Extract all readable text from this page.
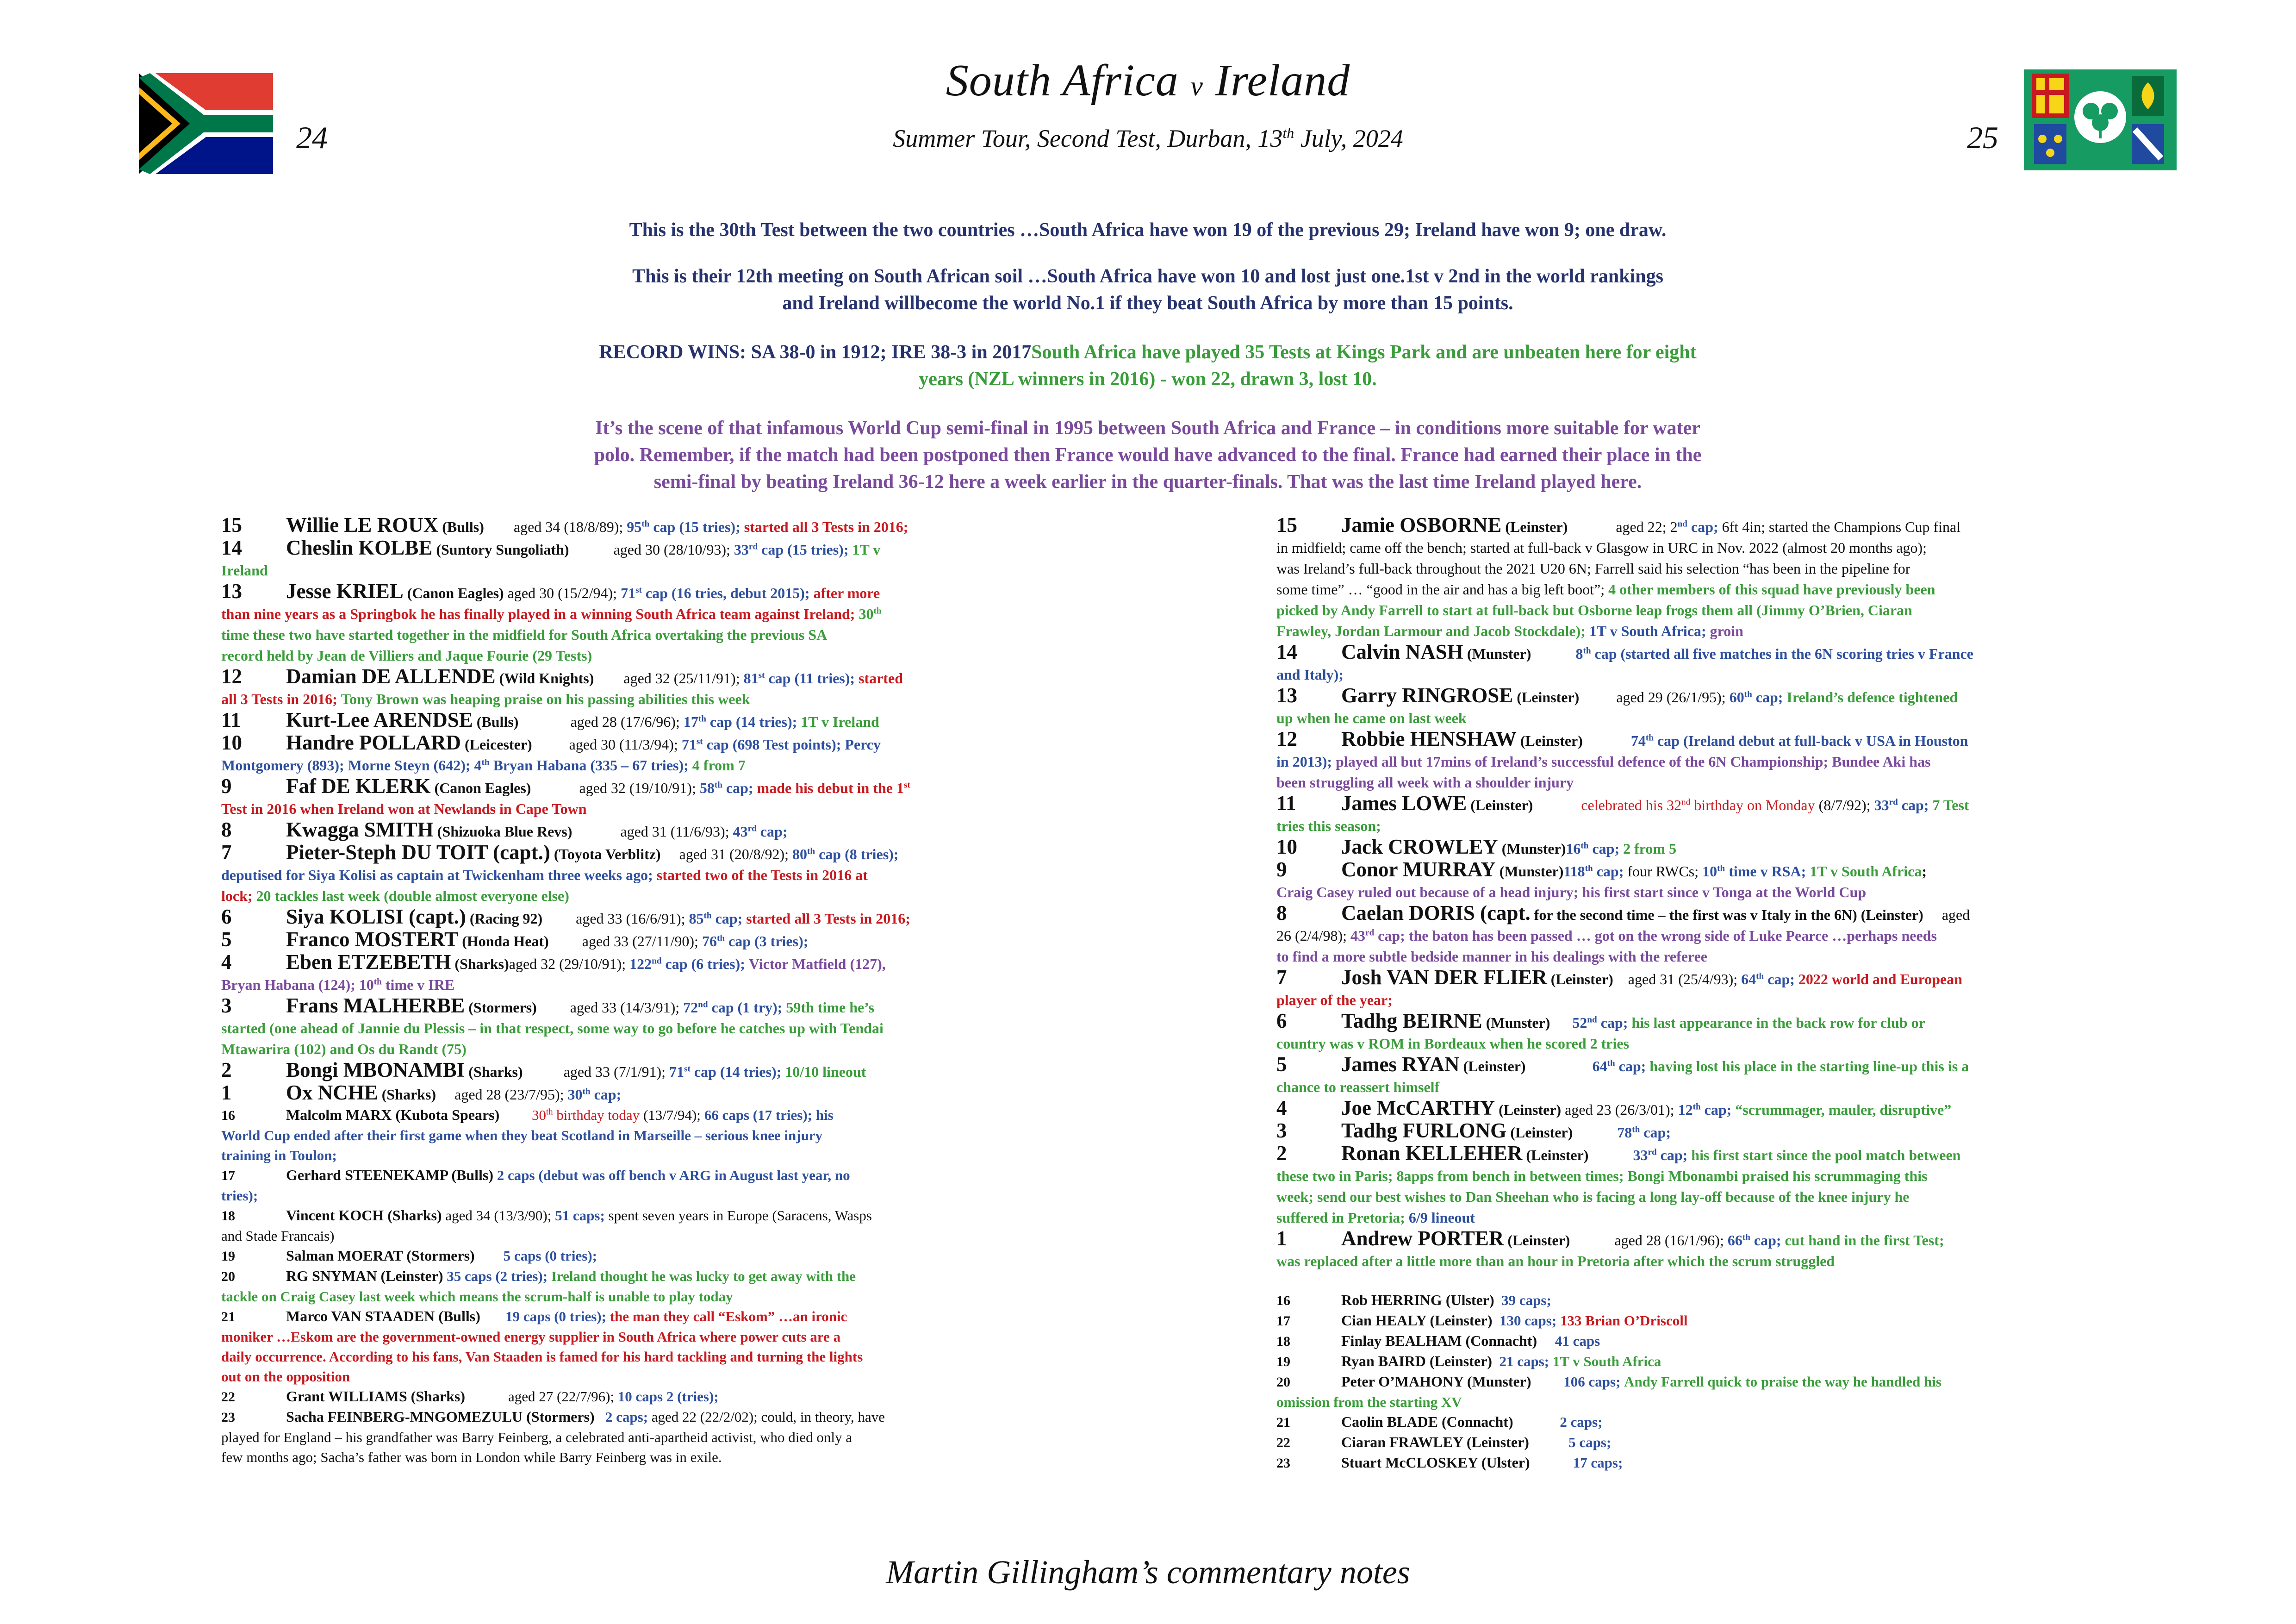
South Africa v Ireland
Summer Tour, Second Test, Durban, 13th July, 2024
24	25
This is the 30th Test between the two countries …South Africa have won 19 of the previous 29; Ireland have won 9; one draw.
This is their 12th meeting on South African soil …South Africa have won 10 and lost just one.1st v 2nd in the world rankings
and Ireland willbecome the world No.1 if they beat South Africa by more than 15 points.
RECORD WINS: SA 38-0 in 1912; IRE 38-3 in 2017South Africa have played 35 Tests at Kings Park and are unbeaten here for eight
years (NZL winners in 2016) - won 22, drawn 3, lost 10.
It’s the scene of that infamous World Cup semi-final in 1995 between South Africa and France – in conditions more suitable for water
polo. Remember, if the match had been postponed then France would have advanced to the final. France had earned their place in the
semi-final by beating Ireland 36-12 here a week earlier in the quarter-finals. That was the last time Ireland played here.

15 Willie LE ROUX (Bulls) aged 34 (18/8/89); 95th cap (15 tries); started all 3 Tests in 2016;

14 Cheslin KOLBE (Suntory Sungoliath)	aged 30 (28/10/93); 33rd cap (15 tries); 1T v
Ireland

13 Jesse KRIEL (Canon Eagles) aged 30 (15/2/94); 71st cap (16 tries, debut 2015); after more
than nine years as a Springbok he has finally played in a winning South Africa team against Ireland; 30th
time these two have started together in the midfield for South Africa overtaking the previous SA
record held by Jean de Villiers and Jaque Fourie (29 Tests)

12 Damian DE ALLENDE (Wild Knights) aged 32 (25/11/91); 81st cap (11 tries); started
all 3 Tests in 2016; Tony Brown was heaping praise on his passing abilities this week

11 Kurt-Lee ARENDSE (Bulls)	aged 28 (17/6/96); 17th cap (14 tries); 1T v Ireland

10 Handre POLLARD (Leicester)	aged 30 (11/3/94); 71st cap (698 Test points); Percy
Montgomery (893); Morne Steyn (642); 4th Bryan Habana (335 – 67 tries); 4 from 7

9	Faf DE KLERK (Canon Eagles)	aged 32 (19/10/91); 58th cap; made his debut in the 1st
Test in 2016 when Ireland won at Newlands in Cape Town

8	Kwagga SMITH (Shizuoka Blue Revs)	aged 31 (11/6/93); 43rd cap;

7	Pieter-Steph DU TOIT (capt.) (Toyota Verblitz) aged 31 (20/8/92); 80th cap (8 tries);
deputised for Siya Kolisi as captain at Twickenham three weeks ago; started two of the Tests in 2016 at
lock; 20 tackles last week (double almost everyone else)

6	Siya KOLISI (capt.) (Racing 92) aged 33 (16/6/91); 85th cap; started all 3 Tests in 2016;

5	Franco MOSTERT (Honda Heat) aged 33 (27/11/90); 76th cap (3 tries);

4	Eben ETZEBETH (Sharks)aged 32 (29/10/91); 122nd cap (6 tries); Victor Matfield (127),
Bryan Habana (124); 10th time v IRE

3	Frans MALHERBE (Stormers) aged 33 (14/3/91); 72nd cap (1 try); 59th time he’s
started (one ahead of Jannie du Plessis – in that respect, some way to go before he catches up with Tendai
Mtawarira (102) and Os du Randt (75)

2	Bongi MBONAMBI (Sharks)	aged 33 (7/1/91); 71st cap (14 tries); 10/10 lineout

1	Ox NCHE (Sharks) aged 28 (23/7/95); 30th cap;

16	Malcolm MARX (Kubota Spears) 30th birthday today (13/7/94); 66 caps (17 tries); his
World Cup ended after their first game when they beat Scotland in Marseille – serious knee injury
training in Toulon;

17	Gerhard STEENEKAMP (Bulls) 2 caps (debut was off bench v ARG in August last year, no
tries);

18	Vincent KOCH (Sharks) aged 34 (13/3/90); 51 caps; spent seven years in Europe (Saracens, Wasps
and Stade Francais)

19	Salman MOERAT (Stormers) 5 caps (0 tries);

20	RG SNYMAN (Leinster) 35 caps (2 tries); Ireland thought he was lucky to get away with the
tackle on Craig Casey last week which means the scrum-half is unable to play today

21	Marco VAN STAADEN (Bulls) 19 caps (0 tries); the man they call “Eskom” …an ironic
moniker …Eskom are the government-owned energy supplier in South Africa where power cuts are a
daily occurrence. According to his fans, Van Staaden is famed for his hard tackling and turning the lights
out on the opposition

22	Grant WILLIAMS (Sharks)	aged 27 (22/7/96); 10 caps 2 (tries);

23	Sacha FEINBERG-MNGOMEZULU (Stormers) 2 caps; aged 22 (22/2/02); could, in theory, have
played for England – his grandfather was Barry Feinberg, a celebrated anti-apartheid activist, who died only a
few months ago; Sacha’s father was born in London while Barry Feinberg was in exile.

15 Jamie OSBORNE (Leinster)	aged 22; 2nd cap; 6ft 4in; started the Champions Cup final
in midfield; came off the bench; started at full-back v Glasgow in URC in Nov. 2022 (almost 20 months ago);
was Ireland’s full-back throughout the 2021 U20 6N; Farrell said his selection “has been in the pipeline for
some time” … “good in the air and has a big left boot”; 4 other members of this squad have previously been
picked by Andy Farrell to start at full-back but Osborne leap frogs them all (Jimmy O’Brien, Ciaran
Frawley, Jordan Larmour and Jacob Stockdale); 1T v South Africa; groin

14 Calvin NASH (Munster)	8th cap (started all five matches in the 6N scoring tries v France
and Italy);

13 Garry RINGROSE (Leinster)	aged 29 (26/1/95); 60th cap; Ireland’s defence tightened
up when he came on last week

12 Robbie HENSHAW (Leinster)	74th cap (Ireland debut at full-back v USA in Houston
in 2013); played all but 17mins of Ireland’s successful defence of the 6N Championship; Bundee Aki has
been struggling all week with a shoulder injury

11 James LOWE (Leinster)	celebrated his 32nd birthday on Monday (8/7/92); 33rd cap; 7 Test
tries this season;

10 Jack CROWLEY (Munster)16th cap; 2 from 5

9	Conor MURRAY (Munster)118th cap; four RWCs; 10th time v RSA; 1T v South Africa;
Craig Casey ruled out because of a head injury; his first start since v Tonga at the World Cup

8	Caelan DORIS (capt. for the second time – the first was v Italy in the 6N) (Leinster) aged
26 (2/4/98); 43rd cap; the baton has been passed … got on the wrong side of Luke Pearce …perhaps needs
to find a more subtle bedside manner in his dealings with the referee

7	Josh VAN DER FLIER (Leinster) aged 31 (25/4/93); 64th cap; 2022 world and European
player of the year;

6	Tadhg BEIRNE (Munster) 52nd cap; his last appearance in the back row for club or
country was v ROM in Bordeaux when he scored 2 tries

5	James RYAN (Leinster)	64th cap; having lost his place in the starting line-up this is a
chance to reassert himself

4	Joe McCARTHY (Leinster) aged 23 (26/3/01); 12th cap; “scrummager, mauler, disruptive”

3	Tadhg FURLONG (Leinster)	78th cap;

2	Ronan KELLEHER (Leinster)	33rd cap; his first start since the pool match between
these two in Paris; 8apps from bench in between times; Bongi Mbonambi praised his scrummaging this
week; send our best wishes to Dan Sheehan who is facing a long lay-off because of the knee injury he
suffered in Pretoria; 6/9 lineout

1	Andrew PORTER (Leinster)	aged 28 (16/1/96); 66th cap; cut hand in the first Test;
was replaced after a little more than an hour in Pretoria after which the scrum struggled

16	Rob HERRING (Ulster) 39 caps;

17	Cian HEALY (Leinster) 130 caps; 133 Brian O’Driscoll

18	Finlay BEALHAM (Connacht) 41 caps

19	Ryan BAIRD (Leinster) 21 caps; 1T v South Africa

20	Peter O’MAHONY (Munster) 106 caps; Andy Farrell quick to praise the way he handled his
omission from the starting XV

21	Caolin BLADE (Connacht)	2 caps;

22	Ciaran FRAWLEY (Leinster)	5 caps;

23	Stuart McCLOSKEY (Ulster)	17 caps;

Martin Gillingham’s commentary notes
